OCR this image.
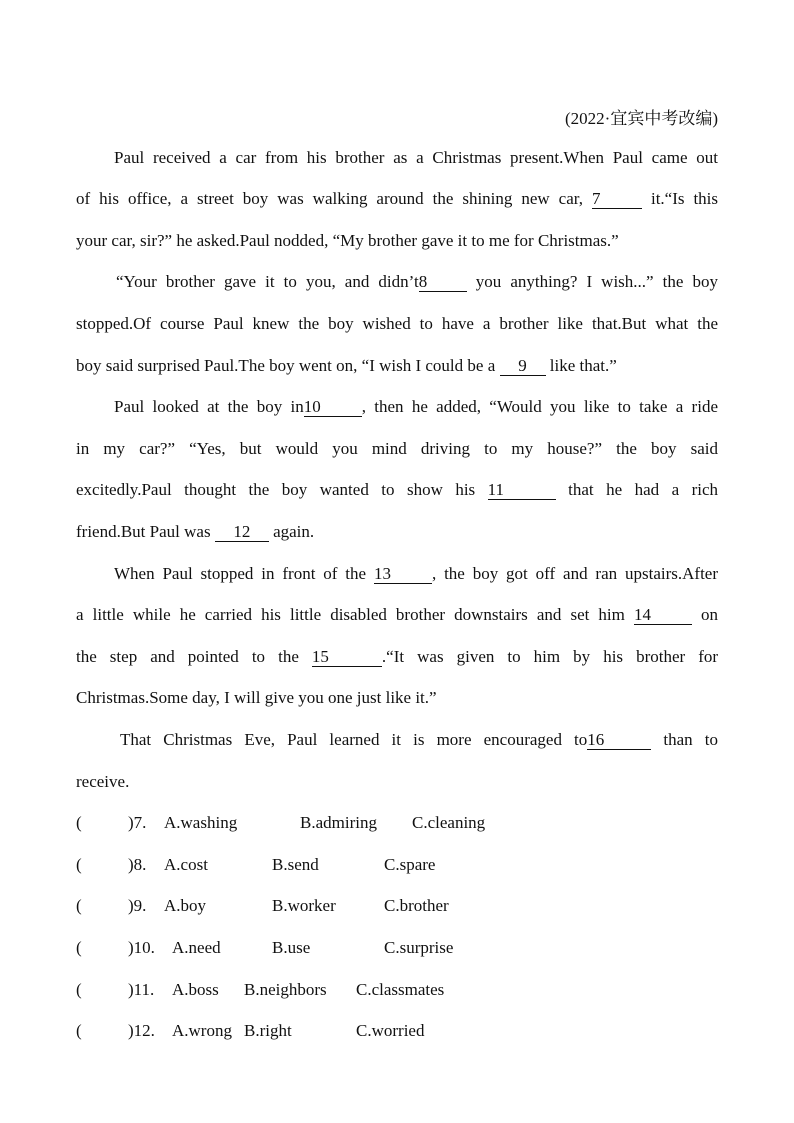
(2022·宜宾中考改编)
Paul received a car from his brother as a Christmas present.When Paul came out
of his office, a street boy was walking around the shining new car, 7	it.“Is this
your car, sir?” he asked.Paul nodded, “My brother gave it to me for Christmas.”
“Your brother gave it to you, and didn’t8	you anything? I wish...” the boy
stopped.Of course Paul knew the boy wished to have a brother like that.But what the
boy said surprised Paul.The boy went on, “I wish I could be a 9 like that.”
Paul looked at the boy in10 , then he added, “Would you like to take a ride
in my car?” “Yes, but would you mind driving to my house?” the boy said
excitedly.Paul thought the boy wanted to show his 11	that he had a rich
friend.But Paul was 12 again.
When Paul stopped in front of the 13 , the boy got off and ran upstairs.After
a little while he carried his little disabled brother downstairs and set him 14	on
the step and pointed to the 15	.“It was given to him by his brother for
Christmas.Some day, I will give you one just like it.”
That Christmas Eve, Paul learned it is more encouraged to16	than to
receive.
(	)7. A.washing	B.admiring C.cleaning
(	)8. A.cost	B.send	C.spare
(	)9. A.boy	B.worker	C.brother
(	)10. A.need	B.use	C.surprise
(	)11. A.boss B.neighbors C.classmates
(	)12. A.wrong B.right	C.worried
